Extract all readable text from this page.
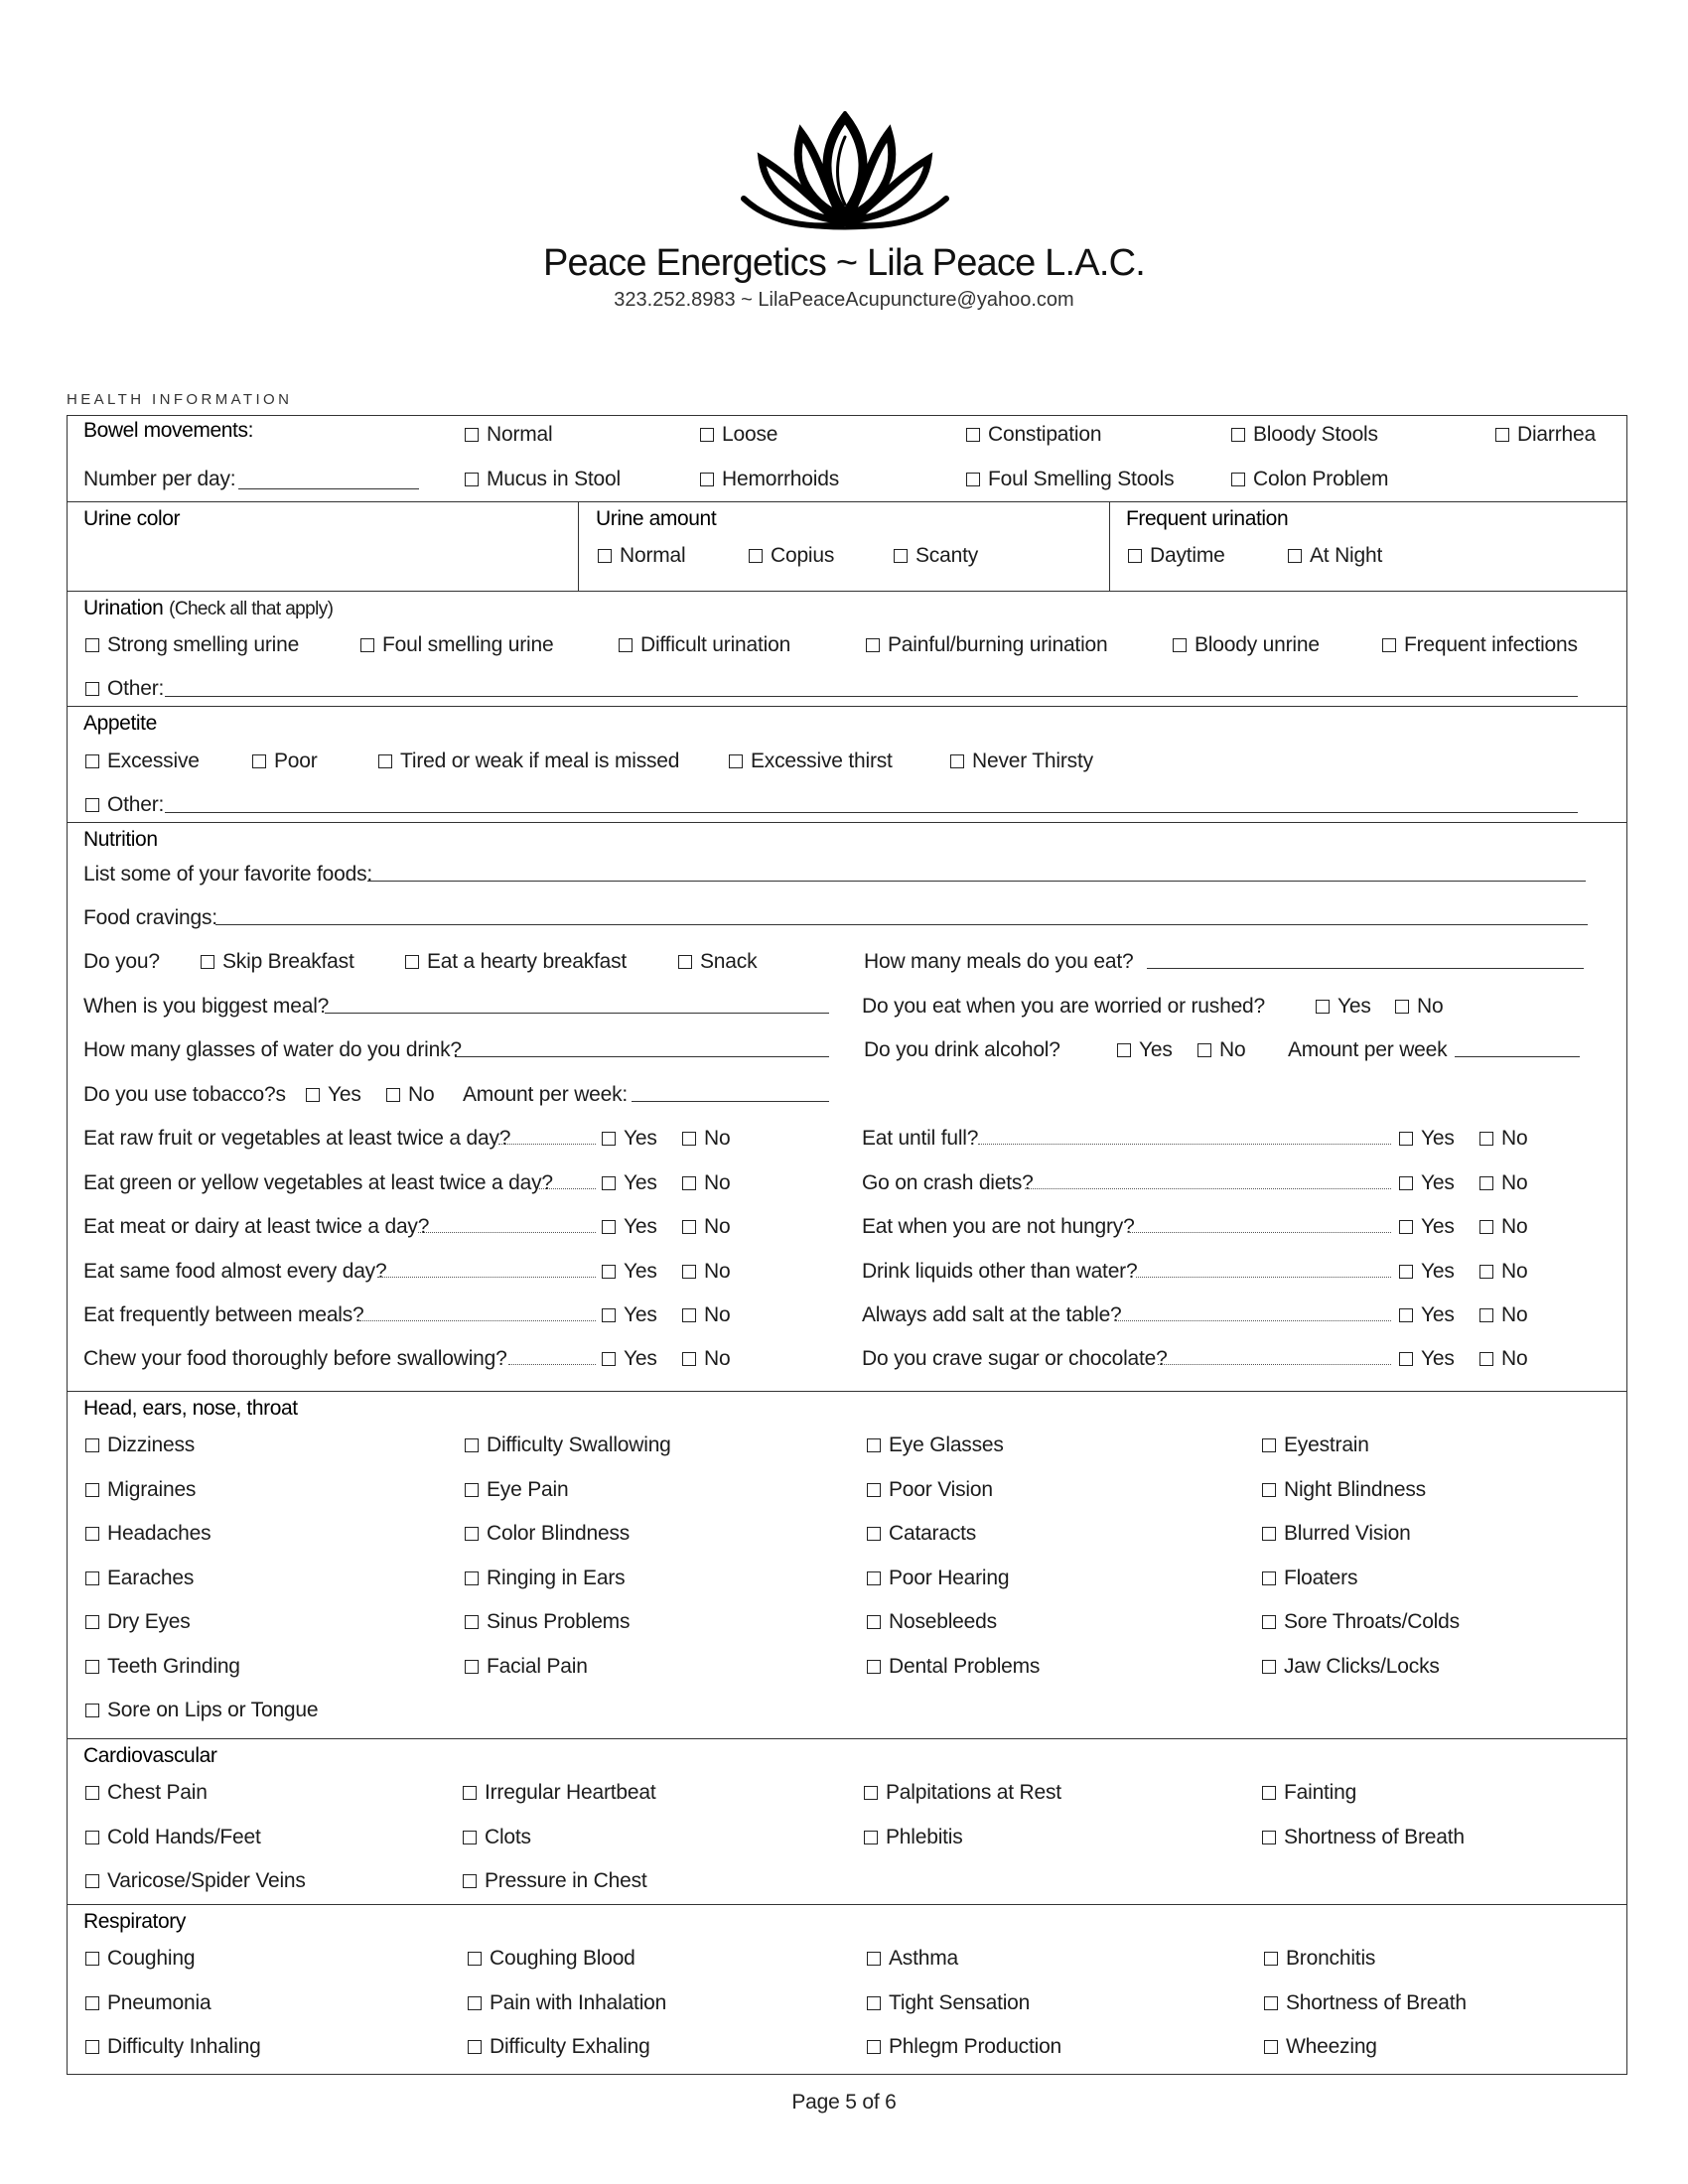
Peace Energetics ~ Lila Peace L.A.C.
323.252.8983 ~ LilaPeaceAcupuncture@yahoo.com
HEALTH INFORMATION
Bowel movements:
Number per day:
Normal	Loose	Constipation	Bloody Stools	Diarrhea
Mucus in Stool	Hemorrhoids	Foul Smelling Stools	Colon Problem
Urine color	Urine amount
Normal	Copius	Scanty
Frequent urination
Daytime	At Night
Urination (Check all that apply)
Strong smelling urine	Foul smelling urine	Difficult urination	Painful/burning urination	Bloody unrine	Frequent infections
Other:
Appetite
Excessive	Poor	Tired or weak if meal is missed	Excessive thirst	Never Thirsty
Other:
Nutrition
List some of your favorite foods:
Food cravings:
Do you?	Skip Breakfast	Eat a hearty breakfast	Snack	How many meals do you eat?
When is you biggest meal?	Do you eat when you are worried or rushed?	Yes	No
How many glasses of water do you drink?	Do you drink alcohol?	Yes	No Amount per week
Do you use tobacco?s	Yes	No Amount per week:
Eat raw fruit or vegetables at least twice a day?	Yes	No
Eat green or yellow vegetables at least twice a day?	Yes	No
Eat meat or dairy at least twice a day?	Yes	No
Eat same food almost every day?	Yes	No
Eat frequently between meals?	Yes	No
Chew your food thoroughly before swallowing?	Yes	No
Eat until full?	Yes	No
Go on crash diets?	Yes	No
Eat when you are not hungry?	Yes	No
Drink liquids other than water?	Yes	No
Always add salt at the table?	Yes	No
Do you crave sugar or chocolate?	Yes	No
Head, ears, nose, throat
Dizziness	Difficulty Swallowing	Eye Glasses	Eyestrain
Migraines	Eye Pain	Poor Vision	Night Blindness
Headaches	Color Blindness	Cataracts	Blurred Vision
Earaches	Ringing in Ears	Poor Hearing	Floaters
Dry Eyes	Sinus Problems	Nosebleeds	Sore Throats/Colds
Teeth Grinding	Facial Pain	Dental Problems	Jaw Clicks/Locks
Sore on Lips or Tongue
Cardiovascular
Chest Pain	Irregular Heartbeat	Palpitations at Rest	Fainting
Cold Hands/Feet	Clots	Phlebitis	Shortness of Breath
Varicose/Spider Veins	Pressure in Chest
Respiratory
Coughing	Coughing Blood	Asthma	Bronchitis
Pneumonia	Pain with Inhalation	Tight Sensation	Shortness of Breath
Difficulty Inhaling	Difficulty Exhaling	Phlegm Production	Wheezing
Page 5 of 6
